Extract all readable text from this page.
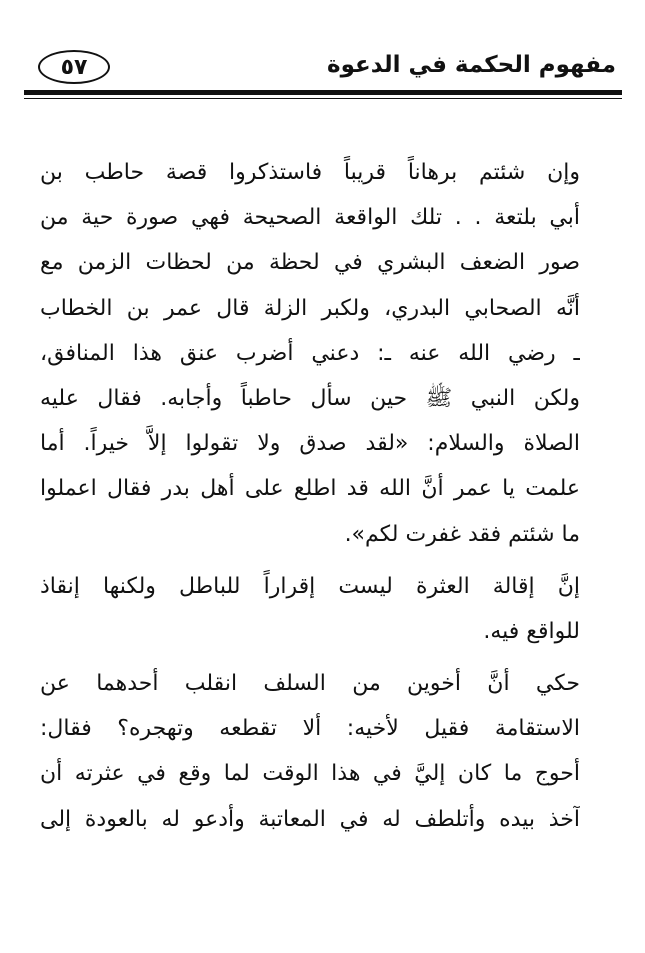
٥٧	مفهوم الحكمة في الدعوة
وإن شئتم برهاناً قريباً فاستذكروا قصة حاطب بن
أبي بلتعة . . تلك الواقعة الصحيحة فهي صورة حية من
صور الضعف البشري في لحظة من لحظات الزمن مع
أنَّه الصحابي البدري، ولكبر الزلة قال عمر بن الخطاب
ـ رضي الله عنه ـ: دعني أضرب عنق هذا المنافق،
ولكن النبي ﷺ حين سأل حاطباً وأجابه. فقال عليه
الصلاة والسلام: «لقد صدق ولا تقولوا إلاَّ خيراً. أما
علمت يا عمر أنَّ الله قد اطلع على أهل بدر فقال اعملوا
ما شئتم فقد غفرت لكم».
إنَّ إقالة العثرة ليست إقراراً للباطل ولكنها إنقاذ
للواقع فيه.
حكي أنَّ أخوين من السلف انقلب أحدهما عن
الاستقامة فقيل لأخيه: ألا تقطعه وتهجره؟ فقال:
أحوج ما كان إليَّ في هذا الوقت لما وقع في عثرته أن
آخذ بيده وأتلطف له في المعاتبة وأدعو له بالعودة إلى
